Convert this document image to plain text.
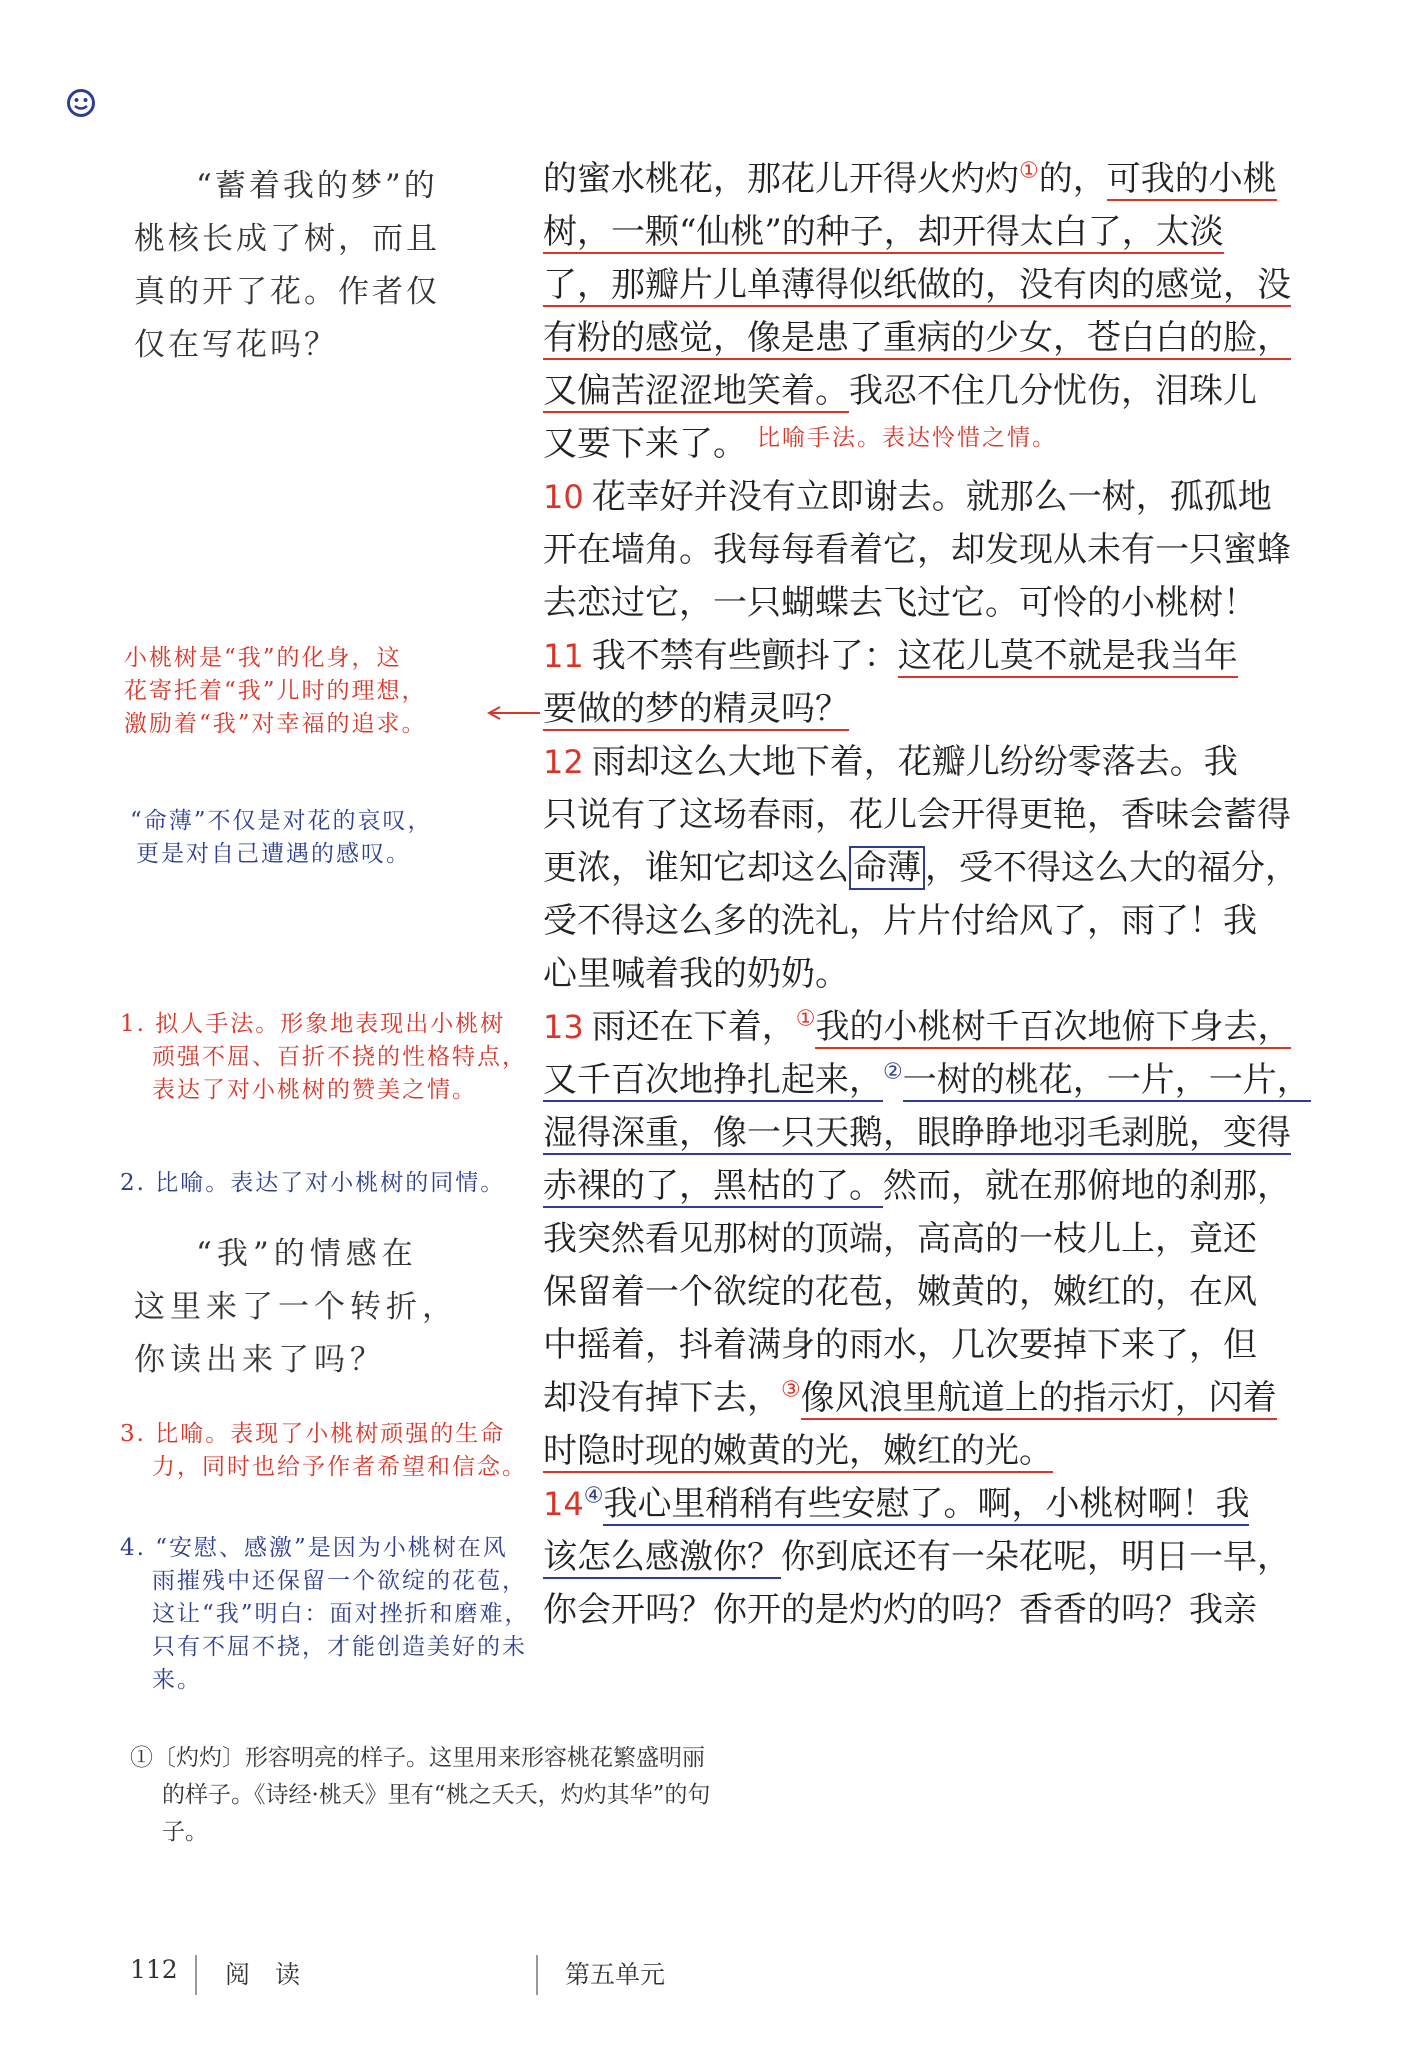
“蓄着我的梦”的
桃核长成了树，而且
真的开了花。作者仅
仅在写花吗？
小桃树是“我”的化身，这
花寄托着“我”儿时的理想，
激励着“我”对幸福的追求。
“命薄”不仅是对花的哀叹，
更是对自己遭遇的感叹。
1. 拟人手法。形象地表现出小桃树顽强不屈、百折不挠的性格特点，表达了对小桃树的赞美之情。
2. 比喻。表达了对小桃树的同情。
“我”的情感在
这里来了一个转折，
你读出来了吗？
3. 比喻。表现了小桃树顽强的生命力，同时也给予作者希望和信念。
4. “安慰、感激”是因为小桃树在风雨摧残中还保留一个欲绽的花苞，这让“我”明白：面对挫折和磨难，只有不屈不挠，才能创造美好的未来。
的蜜水桃花，那花儿开得火灼灼①的，可我的小桃
树，一颗“仙桃”的种子，却开得太白了，太淡
了，那瓣片儿单薄得似纸做的，没有肉的感觉，没
有粉的感觉，像是患了重病的少女，苍白白的脸，
又偏苦涩涩地笑着。我忍不住几分忧伤，泪珠儿
又要下来了。 $^{比喻手法。表达怜惜之情。}$
10 花幸好并没有立即谢去。就那么一树，孤孤地
开在墙角。我每每看着它，却发现从未有一只蜜蜂
去恋过它，一只蝴蝶去飞过它。可怜的小桃树！
11 我不禁有些颤抖了：这花儿莫不就是我当年
要做的梦的精灵吗？
12 雨却这么大地下着，花瓣儿纷纷零落去。我
只说有了这场春雨，花儿会开得更艳，香味会蓄得
更浓，谁知它却这么 命薄 ，受不得这么大的福分，
受不得这么多的洗礼，片片付给风了，雨了！我
心里喊着我的奶奶。
13 雨还在下着，①我的小桃树千百次地俯下身去，
又千百次地挣扎起来，②一树的桃花，一片，一片，
湿得深重，像一只天鹅，眼睁睁地羽毛剥脱，变得
赤裸的了，黑枯的了。然而，就在那俯地的刹那，
我突然看见那树的顶端，高高的一枝儿上，竟还
保留着一个欲绽的花苞，嫩黄的，嫩红的，在风
中摇着，抖着满身的雨水，几次要掉下来了，但
却没有掉下去，③像风浪里航道上的指示灯，闪着
时隐时现的嫩黄的光，嫩红的光。
14④我心里稍稍有些安慰了。啊，小桃树啊！我
该怎么感激你？你到底还有一朵花呢，明日一早，
你会开吗？你开的是灼灼的吗？香香的吗？我亲
①〔灼灼〕形容明亮的样子。这里用来形容桃花繁盛明丽的样子。《诗经·桃夭》里有“桃之夭夭，灼灼其华”的句子。
112 阅　读	第五单元
